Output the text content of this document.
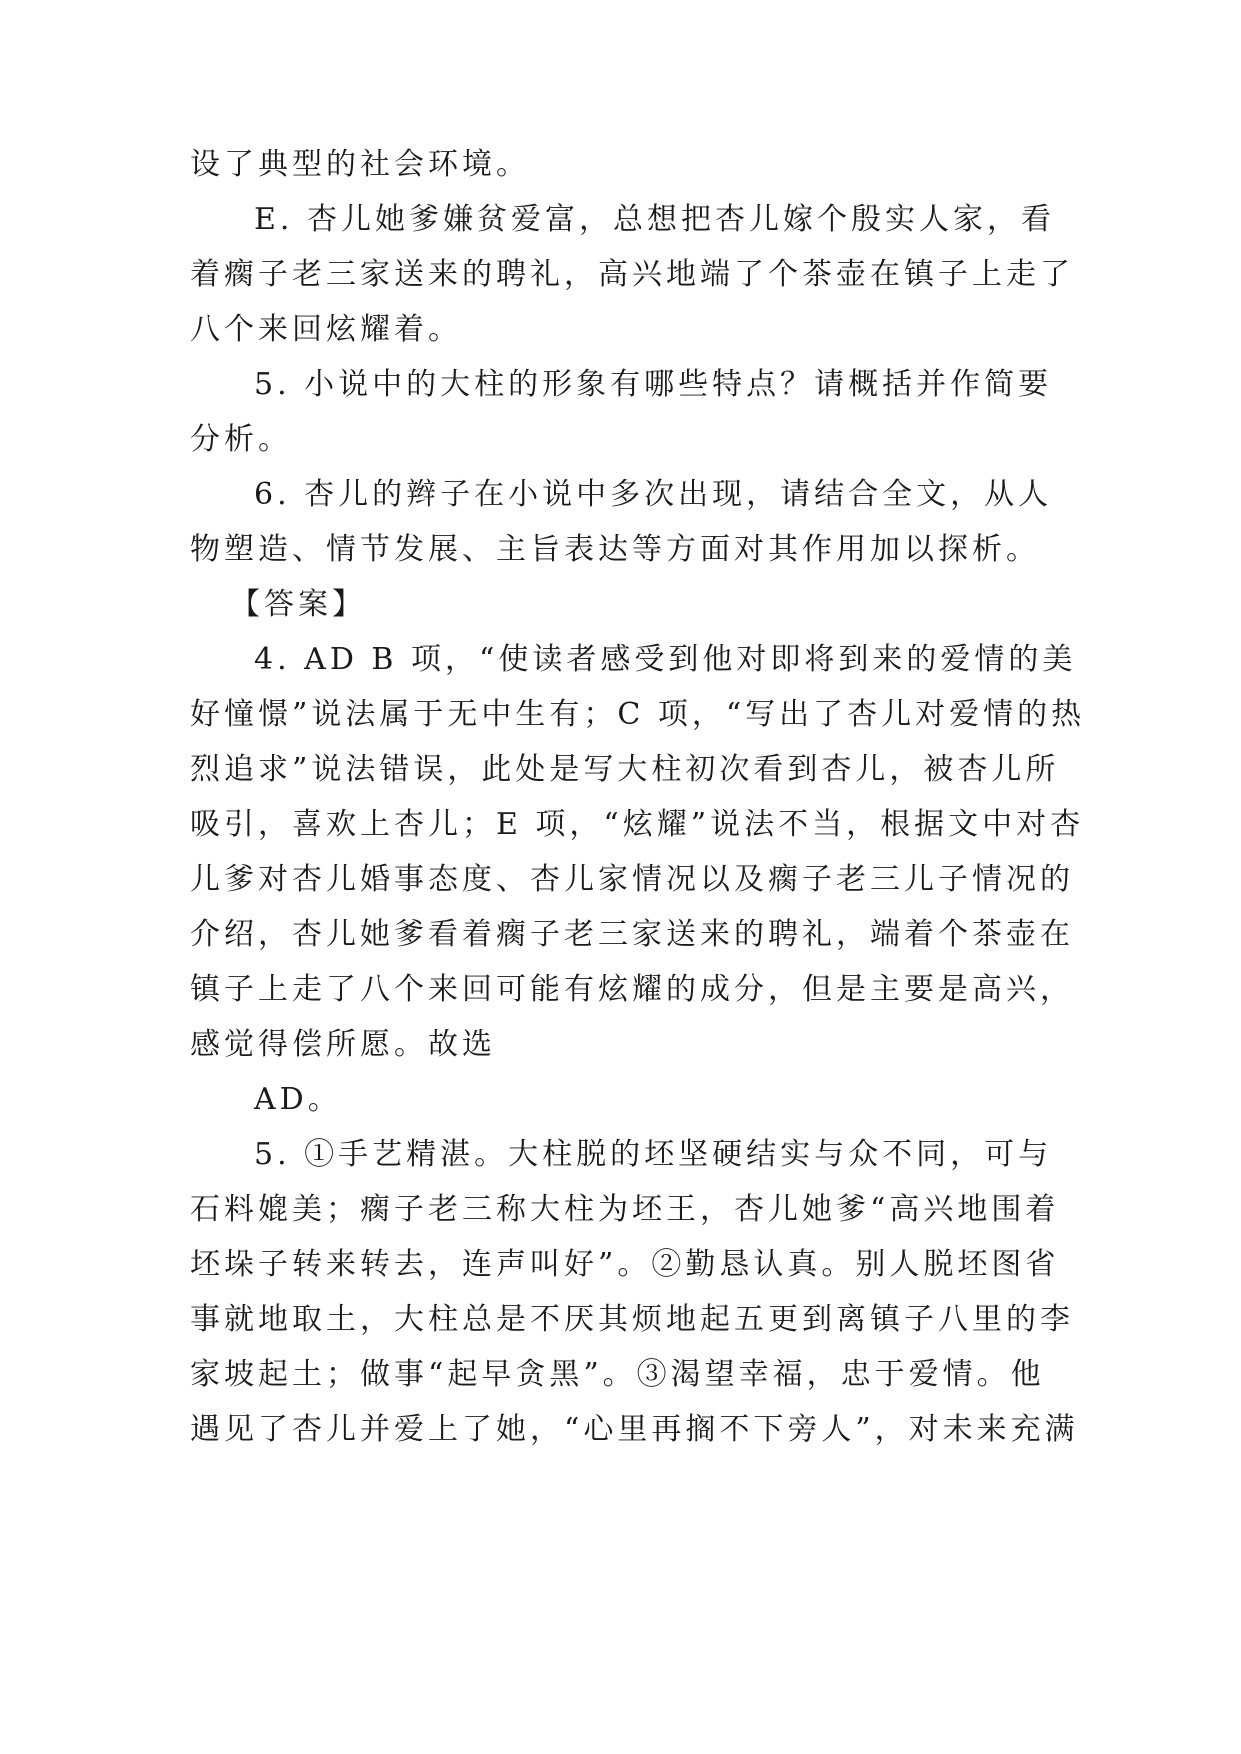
设了典型的社会环境。
E. 杏儿她爹嫌贫爱富，总想把杏儿嫁个殷实人家，看
着瘸子老三家送来的聘礼，高兴地端了个茶壶在镇子上走了
八个来回炫耀着。
5. 小说中的大柱的形象有哪些特点？请概括并作简要
分析。
6. 杏儿的辫子在小说中多次出现，请结合全文，从人
物塑造、情节发展、主旨表达等方面对其作用加以探析。
【答案】
4. AD B 项，“使读者感受到他对即将到来的爱情的美
好憧憬”说法属于无中生有；C 项，“写出了杏儿对爱情的热
烈追求”说法错误，此处是写大柱初次看到杏儿，被杏儿所
吸引，喜欢上杏儿；E 项，“炫耀”说法不当，根据文中对杏
儿爹对杏儿婚事态度、杏儿家情况以及瘸子老三儿子情况的
介绍，杏儿她爹看着瘸子老三家送来的聘礼，端着个茶壶在
镇子上走了八个来回可能有炫耀的成分，但是主要是高兴，
感觉得偿所愿。故选
AD。
5. ①手艺精湛。大柱脱的坯坚硬结实与众不同，可与
石料媲美；瘸子老三称大柱为坯王，杏儿她爹“高兴地围着
坯垛子转来转去，连声叫好”。②勤恳认真。别人脱坯图省
事就地取土，大柱总是不厌其烦地起五更到离镇子八里的李
家坡起土；做事“起早贪黑”。③渴望幸福，忠于爱情。他
遇见了杏儿并爱上了她，“心里再搁不下旁人”，对未来充满
